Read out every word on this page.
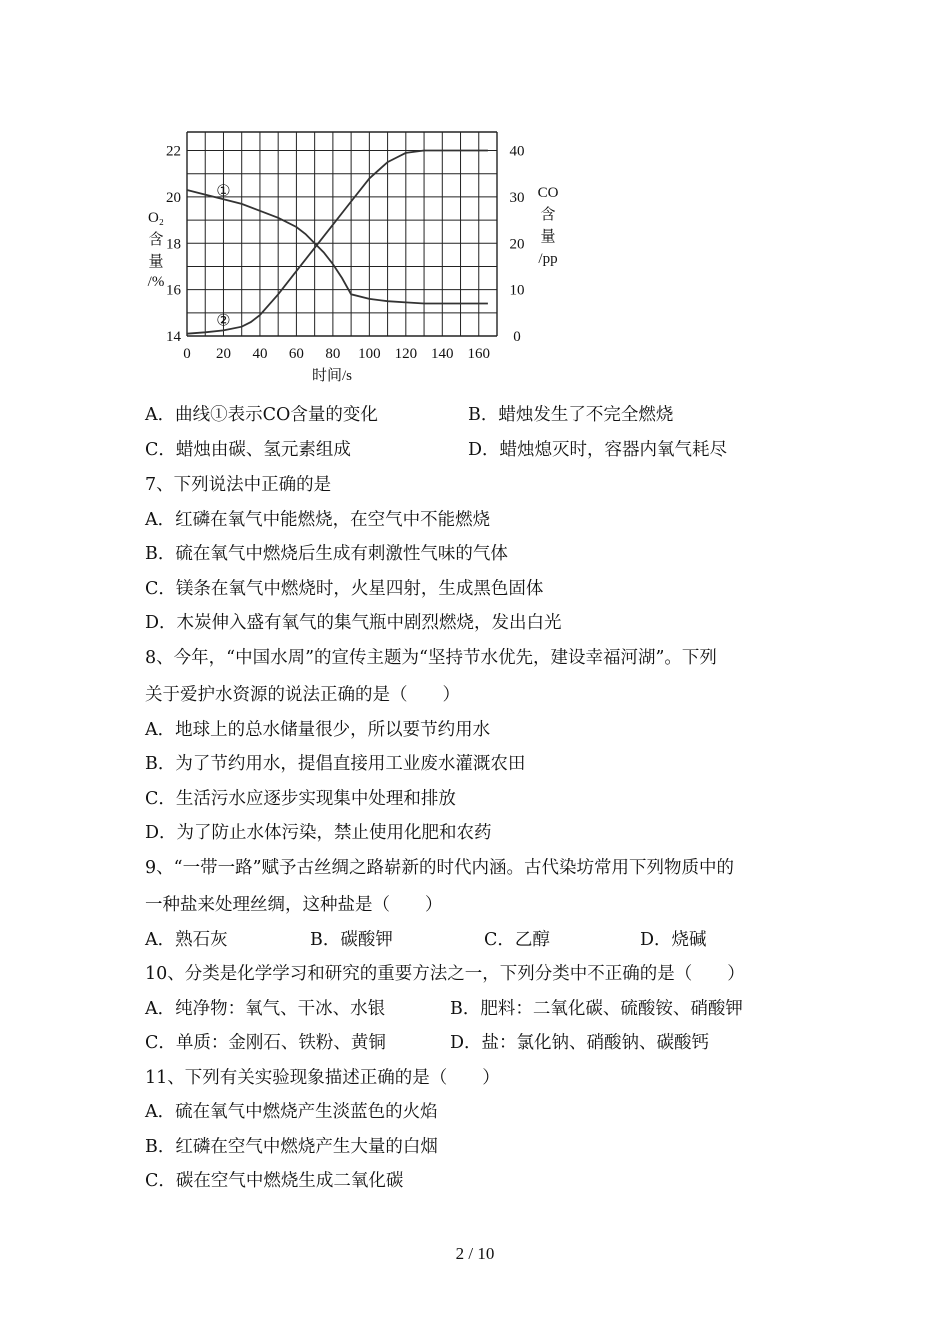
0 20 40 60 80 100 120 140 160
14
16
18
20
22
0
10
20
30
40
①
②
时间/s
O₂ 含量/%
CO 含量/pp
A．曲线①表示CO含量的变化	B．蜡烛发生了不完全燃烧
C．蜡烛由碳、氢元素组成	D．蜡烛熄灭时，容器内氧气耗尽
7、下列说法中正确的是
A．红磷在氧气中能燃烧，在空气中不能燃烧
B．硫在氧气中燃烧后生成有刺激性气味的气体
C．镁条在氧气中燃烧时，火星四射，生成黑色固体
D．木炭伸入盛有氧气的集气瓶中剧烈燃烧，发出白光
8、今年，“中国水周”的宣传主题为“坚持节水优先，建设幸福河湖”。下列
关于爱护水资源的说法正确的是（　　）
A．地球上的总水储量很少，所以要节约用水
B．为了节约用水，提倡直接用工业废水灌溉农田
C．生活污水应逐步实现集中处理和排放
D．为了防止水体污染，禁止使用化肥和农药
9、“一带一路”赋予古丝绸之路崭新的时代内涵。古代染坊常用下列物质中的
一种盐来处理丝绸，这种盐是（　　）
A．熟石灰	B．碳酸钾	C．乙醇	D．烧碱
10、分类是化学学习和研究的重要方法之一，下列分类中不正确的是（　　）
A．纯净物：氧气、干冰、水银	B．肥料：二氧化碳、硫酸铵、硝酸钾
C．单质：金刚石、铁粉、黄铜	D．盐：氯化钠、硝酸钠、碳酸钙
11、下列有关实验现象描述正确的是（　　）
A．硫在氧气中燃烧产生淡蓝色的火焰
B．红磷在空气中燃烧产生大量的白烟
C．碳在空气中燃烧生成二氧化碳
2 / 10
